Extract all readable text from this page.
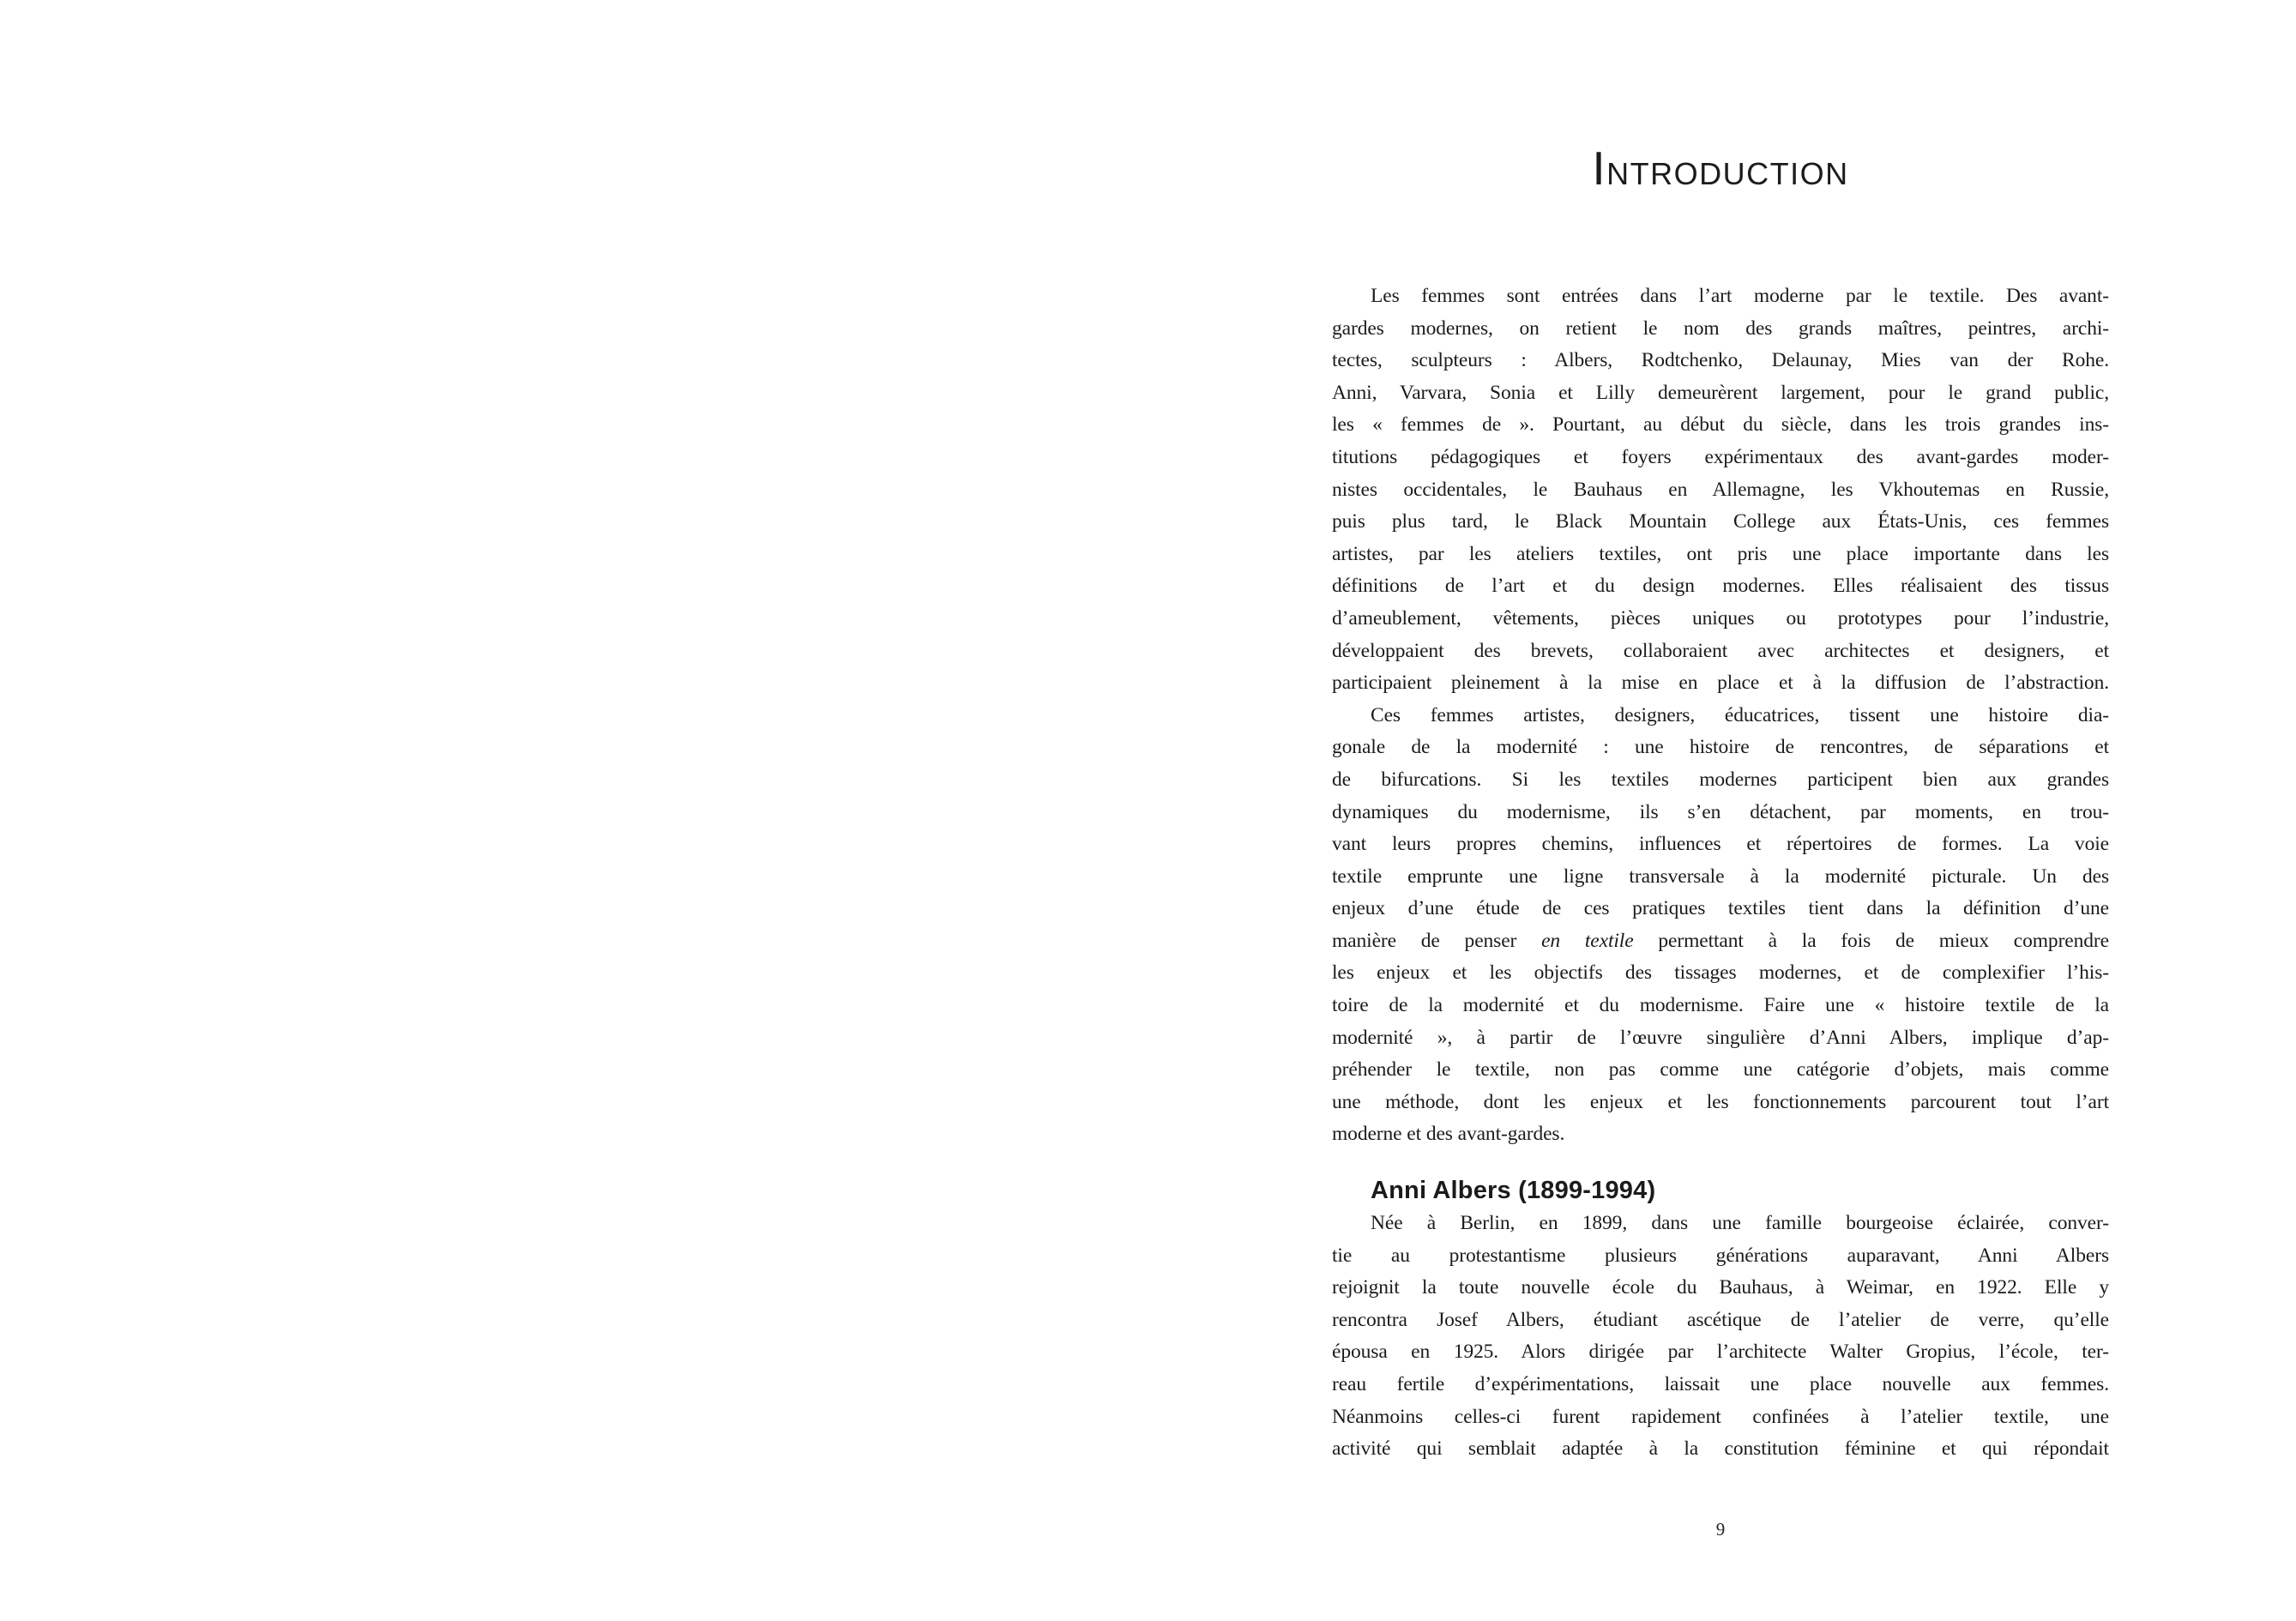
INTRODUCTION
Les femmes sont entrées dans l’art moderne par le textile. Des avant-
gardes modernes, on retient le nom des grands maîtres, peintres, archi-
tectes, sculpteurs : Albers, Rodtchenko, Delaunay, Mies van der Rohe.
Anni, Varvara, Sonia et Lilly demeurèrent largement, pour le grand public,
les « femmes de ». Pourtant, au début du siècle, dans les trois grandes ins-
titutions pédagogiques et foyers expérimentaux des avant-gardes moder-
nistes occidentales, le Bauhaus en Allemagne, les Vkhoutemas en Russie,
puis plus tard, le Black Mountain College aux États-Unis, ces femmes
artistes, par les ateliers textiles, ont pris une place importante dans les
définitions de l’art et du design modernes. Elles réalisaient des tissus
d’ameublement, vêtements, pièces uniques ou prototypes pour l’industrie,
développaient des brevets, collaboraient avec architectes et designers, et
participaient pleinement à la mise en place et à la diffusion de l’abstraction.
Ces femmes artistes, designers, éducatrices, tissent une histoire dia-
gonale de la modernité : une histoire de rencontres, de séparations et
de bifurcations. Si les textiles modernes participent bien aux grandes
dynamiques du modernisme, ils s’en détachent, par moments, en trou-
vant leurs propres chemins, influences et répertoires de formes. La voie
textile emprunte une ligne transversale à la modernité picturale. Un des
enjeux d’une étude de ces pratiques textiles tient dans la définition d’une
manière de penser en textile permettant à la fois de mieux comprendre
les enjeux et les objectifs des tissages modernes, et de complexifier l’his-
toire de la modernité et du modernisme. Faire une « histoire textile de la
modernité », à partir de l’œuvre singulière d’Anni Albers, implique d’ap-
préhender le textile, non pas comme une catégorie d’objets, mais comme
une méthode, dont les enjeux et les fonctionnements parcourent tout l’art
moderne et des avant-gardes.
Anni Albers (1899-1994)
Née à Berlin, en 1899, dans une famille bourgeoise éclairée, conver-
tie au protestantisme plusieurs générations auparavant, Anni Albers
rejoignit la toute nouvelle école du Bauhaus, à Weimar, en 1922. Elle y
rencontra Josef Albers, étudiant ascétique de l’atelier de verre, qu’elle
épousa en 1925. Alors dirigée par l’architecte Walter Gropius, l’école, ter-
reau fertile d’expérimentations, laissait une place nouvelle aux femmes.
Néanmoins celles-ci furent rapidement confinées à l’atelier textile, une
activité qui semblait adaptée à la constitution féminine et qui répondait
9
